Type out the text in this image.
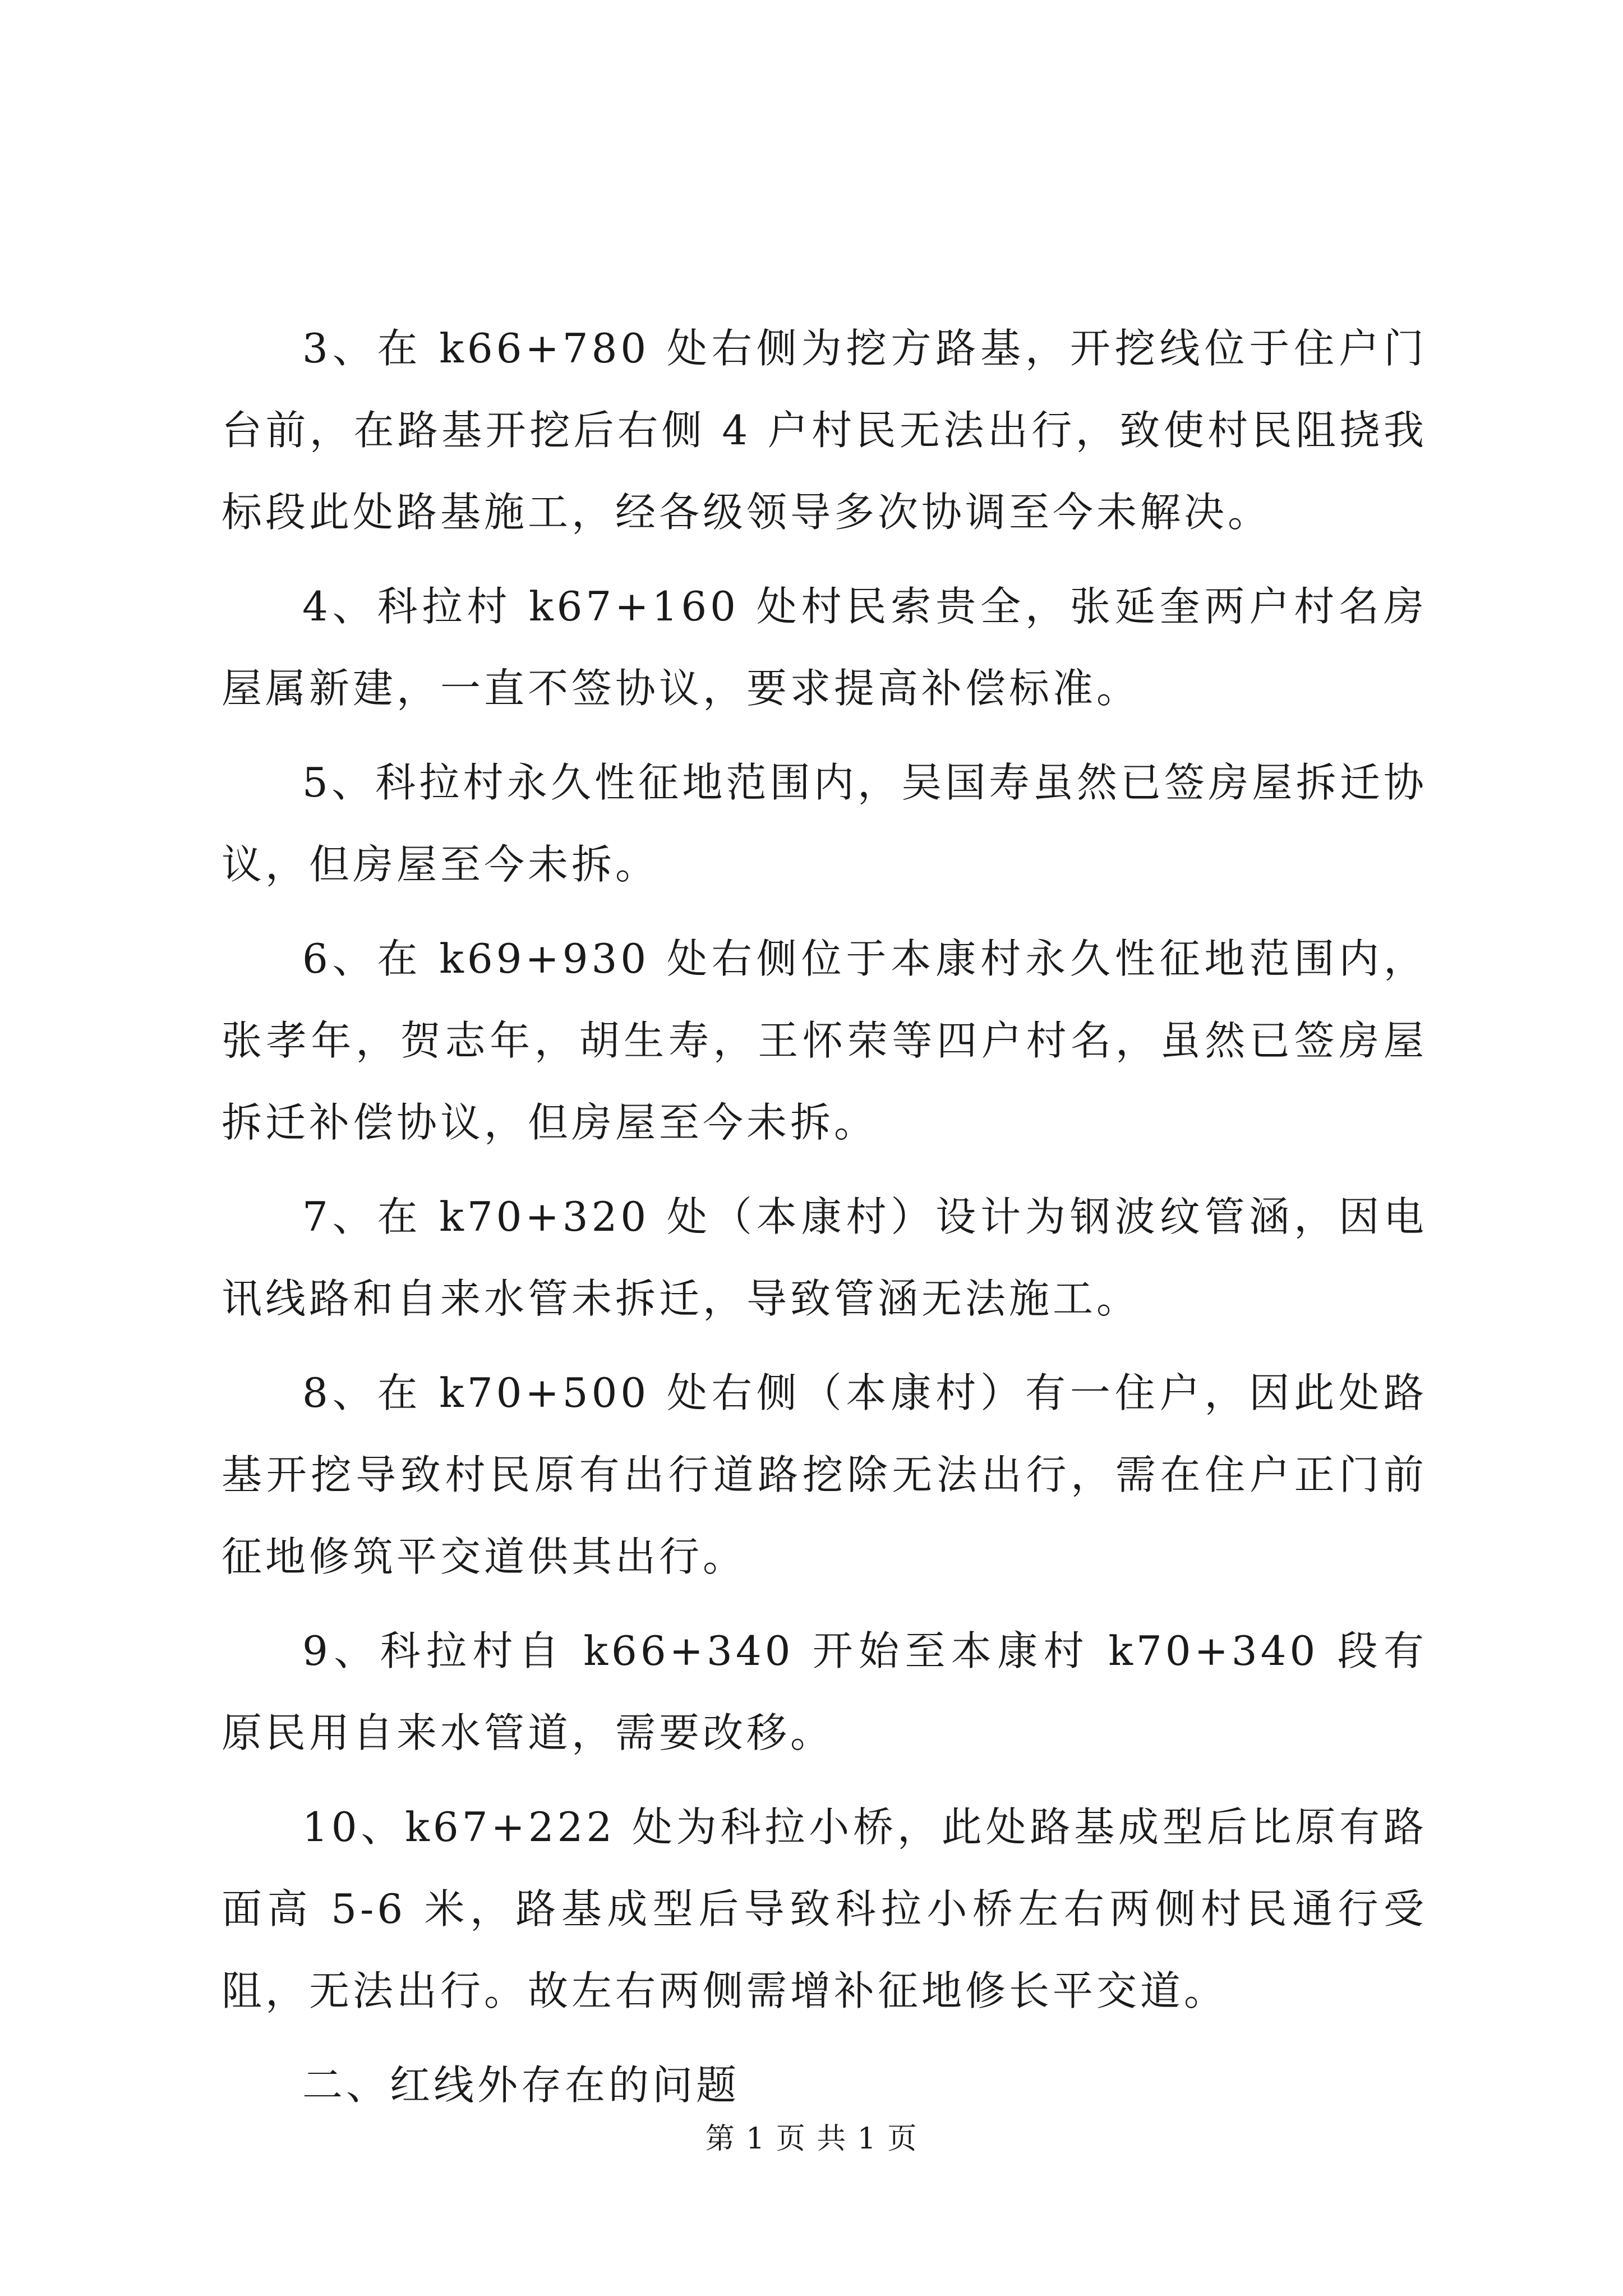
3、在 k66+780 处右侧为挖方路基，开挖线位于住户门台前，在路基开挖后右侧 4 户村民无法出行，致使村民阻挠我标段此处路基施工，经各级领导多次协调至今未解决。

4、科拉村 k67+160 处村民索贵全，张延奎两户村名房屋属新建，一直不签协议，要求提高补偿标准。

5、科拉村永久性征地范围内，吴国寿虽然已签房屋拆迁协议，但房屋至今未拆。

6、在 k69+930 处右侧位于本康村永久性征地范围内，张孝年，贺志年，胡生寿，王怀荣等四户村名，虽然已签房屋拆迁补偿协议，但房屋至今未拆。

7、在 k70+320 处（本康村）设计为钢波纹管涵，因电讯线路和自来水管未拆迁，导致管涵无法施工。

8、在 k70+500 处右侧（本康村）有一住户，因此处路基开挖导致村民原有出行道路挖除无法出行，需在住户正门前征地修筑平交道供其出行。

9、科拉村自 k66+340 开始至本康村 k70+340 段有原民用自来水管道，需要改移。

10、k67+222 处为科拉小桥，此处路基成型后比原有路面高 5-6 米，路基成型后导致科拉小桥左右两侧村民通行受阻，无法出行。故左右两侧需增补征地修长平交道。

二、红线外存在的问题

第 1 页 共 1 页
